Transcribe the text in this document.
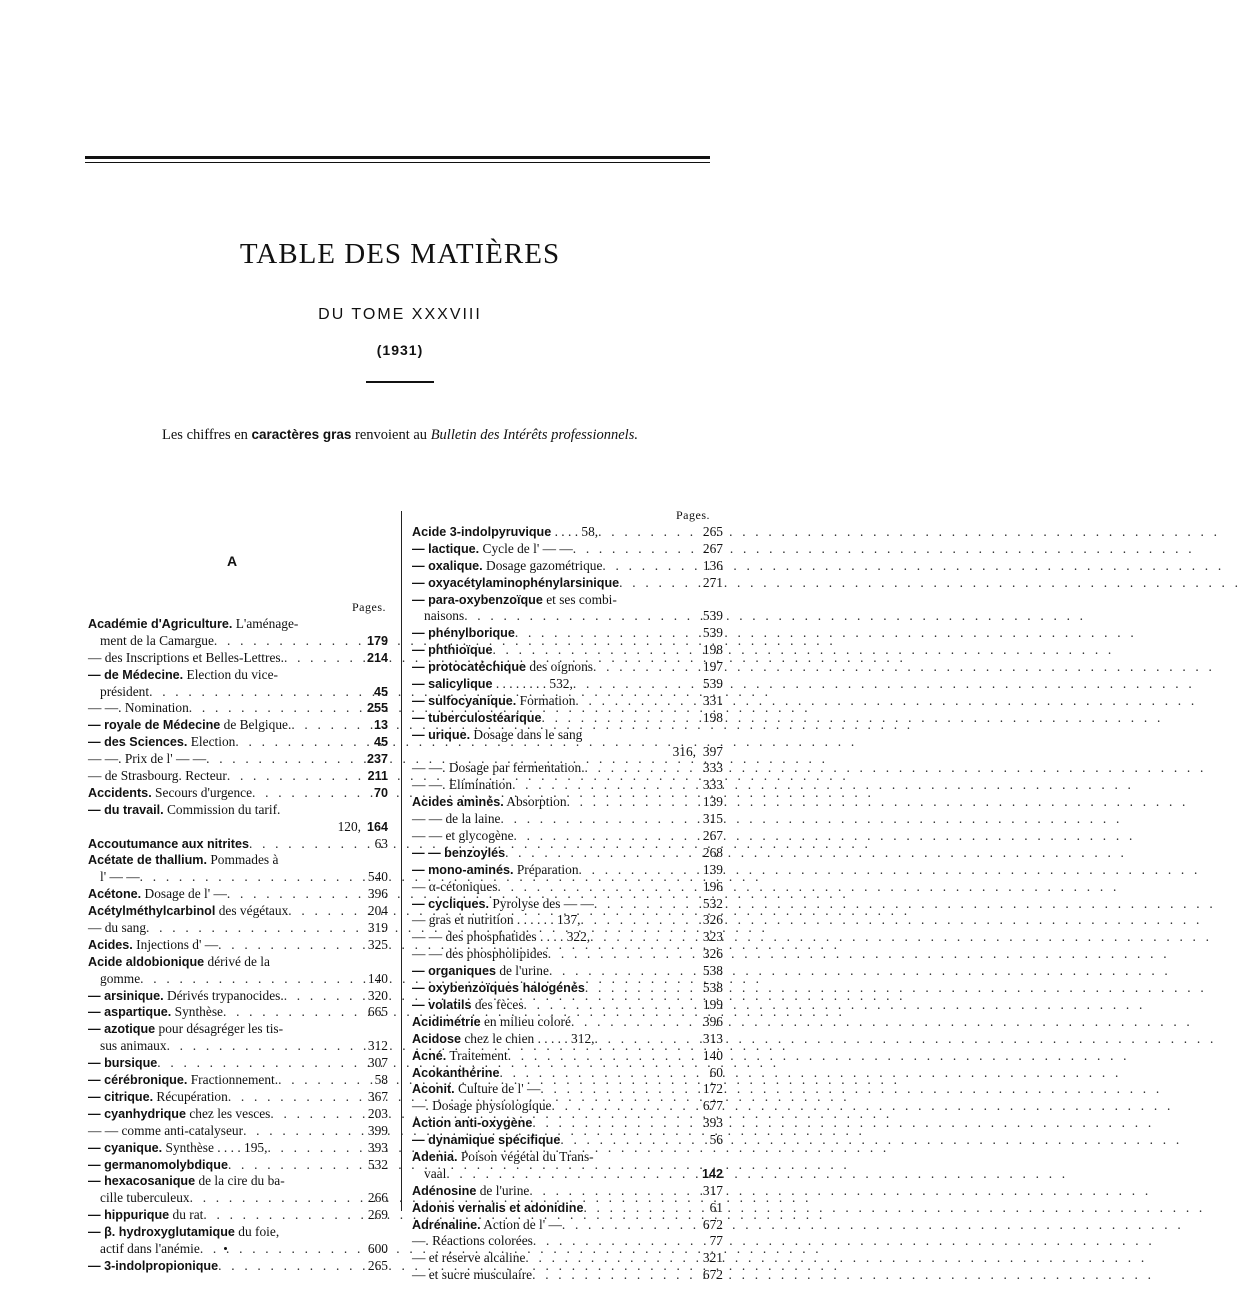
TABLE DES MATIÈRES
DU TOME XXXVIII
(1931)
Les chiffres en caractères gras renvoient au Bulletin des Intérêts professionnels.
A
Pages.
Pages.
Académie d'Agriculture. L'aménage-
ment de la Camargue . . .	179
— des Inscriptions et Belles-Lettres. . . .	214
— de Médecine. Election du vice-
président . . .	45
— —. Nomination . . .	255
— royale de Médecine de Belgique. . . .	13
— des Sciences. Election . . .	45
— —. Prix de l' — — . . .	237
— de Strasbourg. Recteur . . .	211
Accidents. Secours d'urgence . . .	70
— du travail. Commission du tarif.
120, 164
Accoutumance aux nitrites . . .	63
Acétate de thallium. Pommades à
l' — — . . .	540
Acétone. Dosage de l' — . . .	396
Acétylméthylcarbinol des végétaux . . .	204
— du sang . . .	319
Acides. Injections d' — . . .	325
Acide aldobionique dérivé de la
gomme . . .	140
— arsinique. Dérivés trypanocides. . . .	320
— aspartique. Synthèse . . .	665
— azotique pour désagréger les tis-
sus animaux . . .	312
— bursique . . .	307
— cérébronique. Fractionnement. . . .	58
— citrique. Récupération . . .	367
— cyanhydrique chez les vesces . . .	203
— — comme anti-catalyseur . . .	399
— cyanique. Synthèse . . . . 195, . . .	393
— germanomolybdique . . .	532
— hexacosanique de la cire du ba-
cille tuberculeux . . .	266
— hippurique du rat . . .	269
— β. hydroxyglutamique du foie,
actif dans l'anémie . . .	600
— 3-indolpropionique . . .	265
Acide 3-indolpyruvique . . . . 58, . . .	265
— lactique. Cycle de l' — — . . .	267
— oxalique. Dosage gazométrique . . .	136
— oxyacétylaminophénylarsinique . . .	271
— para-oxybenzoïque et ses combi-
naisons . . .	539
— phénylborique . . .	539
— phthioïque . . .	198
— protocatéchique des oignons . . .	197
— salicylique . . . . . . . . 532, . . .	539
— sulfocyanique. Formation . . .	331
— tuberculostéarique . . .	198
— urique. Dosage dans le sang
316, 397
— —. Dosage par fermentation. . . .	333
— —. Elimination . . .	333
Acides aminés. Absorption . . .	139
— — de la laine . . .	315
— — et glycogène . . .	267
— — benzoylés . . .	268
— mono-aminés. Préparation . . .	139
— α-cétoniques . . .	196
— cycliques. Pyrolyse des — — . . .	532
— gras et nutrition . . . . . . 137, . . .	326
— — des phosphatides . . . . 322, . . .	323
— — des phospholipides . . .	326
— organiques de l'urine . . .	538
— oxybenzoïques halogénés . . .	538
— volatils des fèces . . .	199
Acidimétrie en milieu coloré . . .	396
Acidose chez le chien . . . . . 312, . . .	313
Acné. Traitement . . .	140
Acokanthérine . . .	60
Aconit. Culture de l' — . . .	172
—. Dosage physiologique . . .	677
Action anti-oxygène . . .	393
— dynamique spécifique . . .	56
Adenia. Poison végétal du Trans-
vaal . . .	142
Adénosine de l'urine . . .	317
Adonis vernalis et adonidine . . .	61
Adrénaline. Action de l' — . . .	672
—. Réactions colorées . . .	77
— et réserve alcaline . . .	321
— et sucre musculaire . . .	672
